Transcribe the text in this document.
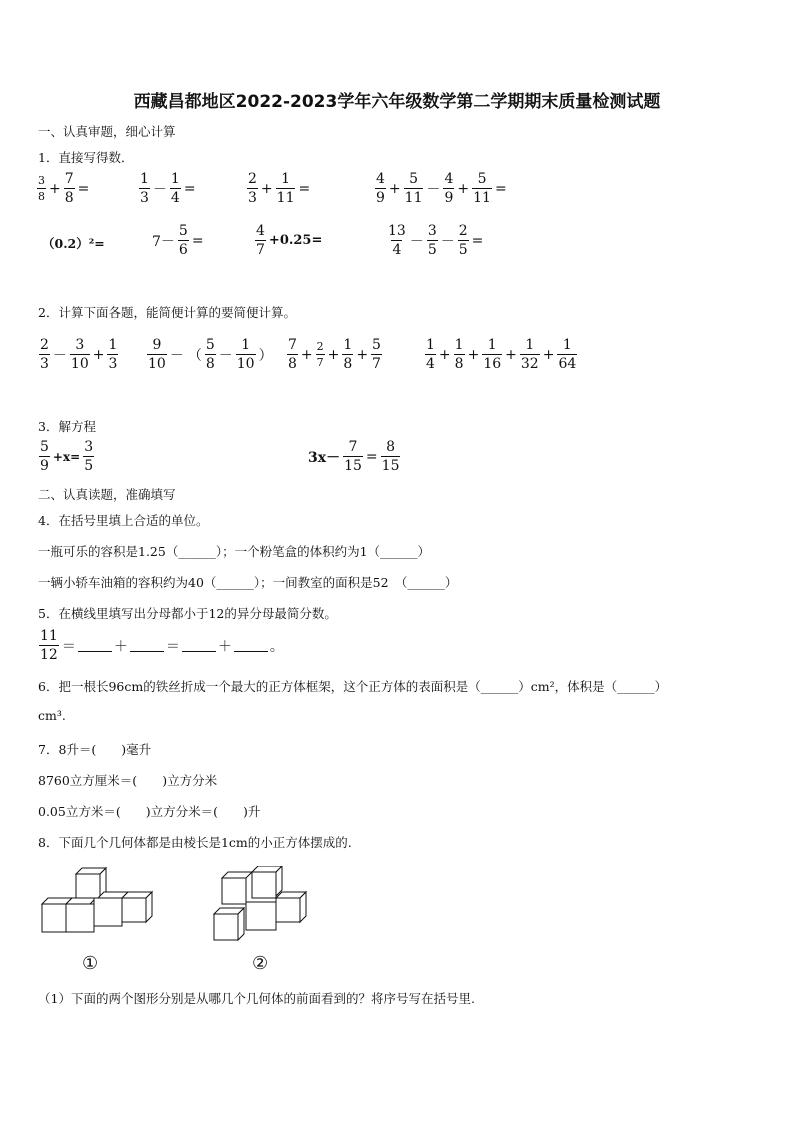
西藏昌都地区2022-2023学年六年级数学第二学期期末质量检测试题
一、认真审题，细心计算
1．直接写得数．
$\frac{3}{8} + \frac{7}{8}$ =	$\frac{1}{3} - \frac{1}{4}$ =	$\frac{2}{3} + \frac{1}{11}$ =	$\frac{4}{9} + \frac{5}{11} - \frac{4}{9} + \frac{5}{11}$ =
（0.2）²=	$7- \frac{5}{6}$ =	$\frac{4}{7} +0.25=$	$\frac{13}{4} - \frac{3}{5} - \frac{2}{5}$ =
2．计算下面各题，能简便计算的要简便计算。
$\frac{2}{3} - \frac{3}{10} + \frac{1}{3} \frac{9}{10}$ － （ $\frac{5}{8} - \frac{1}{10}$ ） $\frac{7}{8} + \frac{2}{7} + \frac{1}{8} + \frac{5}{7}$	$\frac{1}{4} + \frac{1}{8} + \frac{1}{16} + \frac{1}{32} + \frac{1}{64}$
3．解方程
$\frac{5}{9} +x= \frac{3}{5}$	$3x- \frac{7}{15} = \frac{8}{15}$
二、认真读题，准确填写
4．在括号里填上合适的单位。
一瓶可乐的容积是1.25（______）；一个粉笔盒的体积约为1（______）
一辆小轿车油箱的容积约为40（______）；一间教室的面积是52　（______）
5．在横线里填写出分母都小于12的异分母最简分数。
$\frac{11}{12}$ ＝	＋	＝	＋	。
6．把一根长96cm的铁丝折成一个最大的正方体框架，这个正方体的表面积是（______）cm²，体积是（______）
cm³.
7．8升＝(　　)毫升
8760立方厘米＝(　　)立方分米
0.05立方米＝(　　)立方分米＝(　　)升
8．下面几个几何体都是由棱长是1cm的小正方体摆成的.
①	②
（1）下面的两个图形分别是从哪几个几何体的前面看到的？将序号写在括号里.
